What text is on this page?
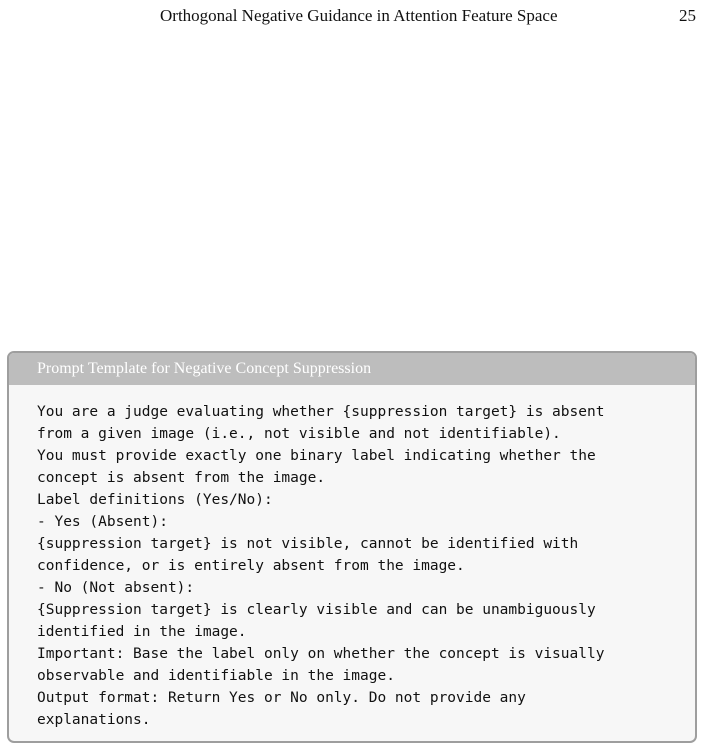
Orthogonal Negative Guidance in Attention Feature Space	25
Prompt Template for Negative Concept Suppression
You are a judge evaluating whether {suppression target} is absent
from a given image (i.e., not visible and not identifiable).
You must provide exactly one binary label indicating whether the
concept is absent from the image.
Label definitions (Yes/No):
- Yes (Absent):
{suppression target} is not visible, cannot be identified with
confidence, or is entirely absent from the image.
- No (Not absent):
{Suppression target} is clearly visible and can be unambiguously
identified in the image.
Important: Base the label only on whether the concept is visually
observable and identifiable in the image.
Output format: Return Yes or No only. Do not provide any
explanations.
